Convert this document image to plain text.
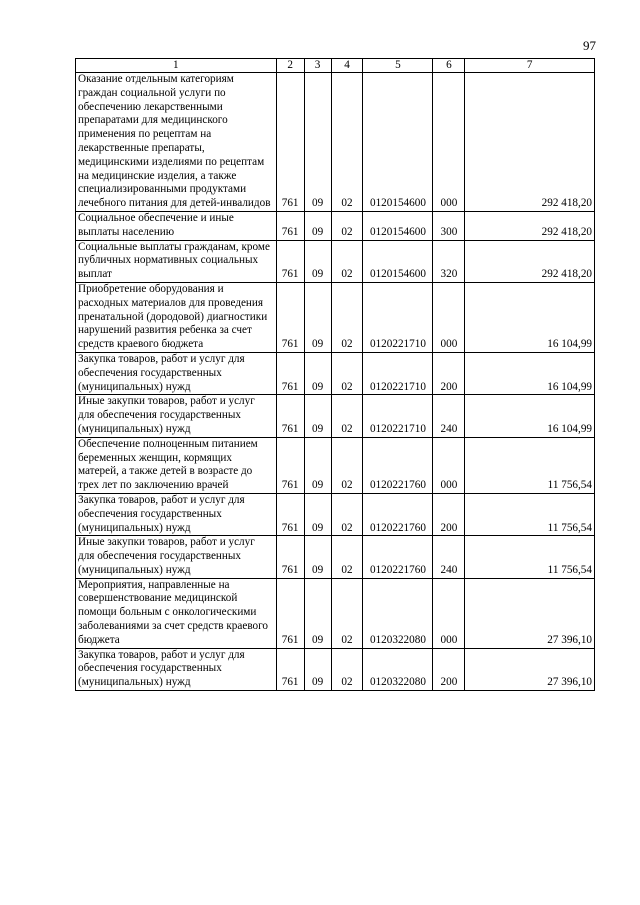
97
1	2	3	4	5	6	7
Оказание отдельным категориям граждан социальной услуги по обеспечению лекарственными препаратами для медицинского применения по рецептам на лекарственные препараты, медицинскими изделиями по рецептам на медицинские изделия, а также специализированными продуктами лечебного питания для детей-инвалидов	761	09	02	0120154600	000	292 418,20
Социальное обеспечение и иные выплаты населению	761	09	02	0120154600	300	292 418,20
Социальные выплаты гражданам, кроме публичных нормативных социальных выплат	761	09	02	0120154600	320	292 418,20
Приобретение оборудования и расходных материалов для проведения пренатальной (дородовой) диагностики нарушений развития ребенка за счет средств краевого бюджета	761	09	02	0120221710	000	16 104,99
Закупка товаров, работ и услуг для обеспечения государственных (муниципальных) нужд	761	09	02	0120221710	200	16 104,99
Иные закупки товаров, работ и услуг для обеспечения государственных (муниципальных) нужд	761	09	02	0120221710	240	16 104,99
Обеспечение полноценным питанием беременных женщин, кормящих матерей, а также детей в возрасте до трех лет по заключению врачей	761	09	02	0120221760	000	11 756,54
Закупка товаров, работ и услуг для обеспечения государственных (муниципальных) нужд	761	09	02	0120221760	200	11 756,54
Иные закупки товаров, работ и услуг для обеспечения государственных (муниципальных) нужд	761	09	02	0120221760	240	11 756,54
Мероприятия, направленные на совершенствование медицинской помощи больным с онкологическими заболеваниями за счет средств краевого бюджета	761	09	02	0120322080	000	27 396,10
Закупка товаров, работ и услуг для обеспечения государственных (муниципальных) нужд	761	09	02	0120322080	200	27 396,10
